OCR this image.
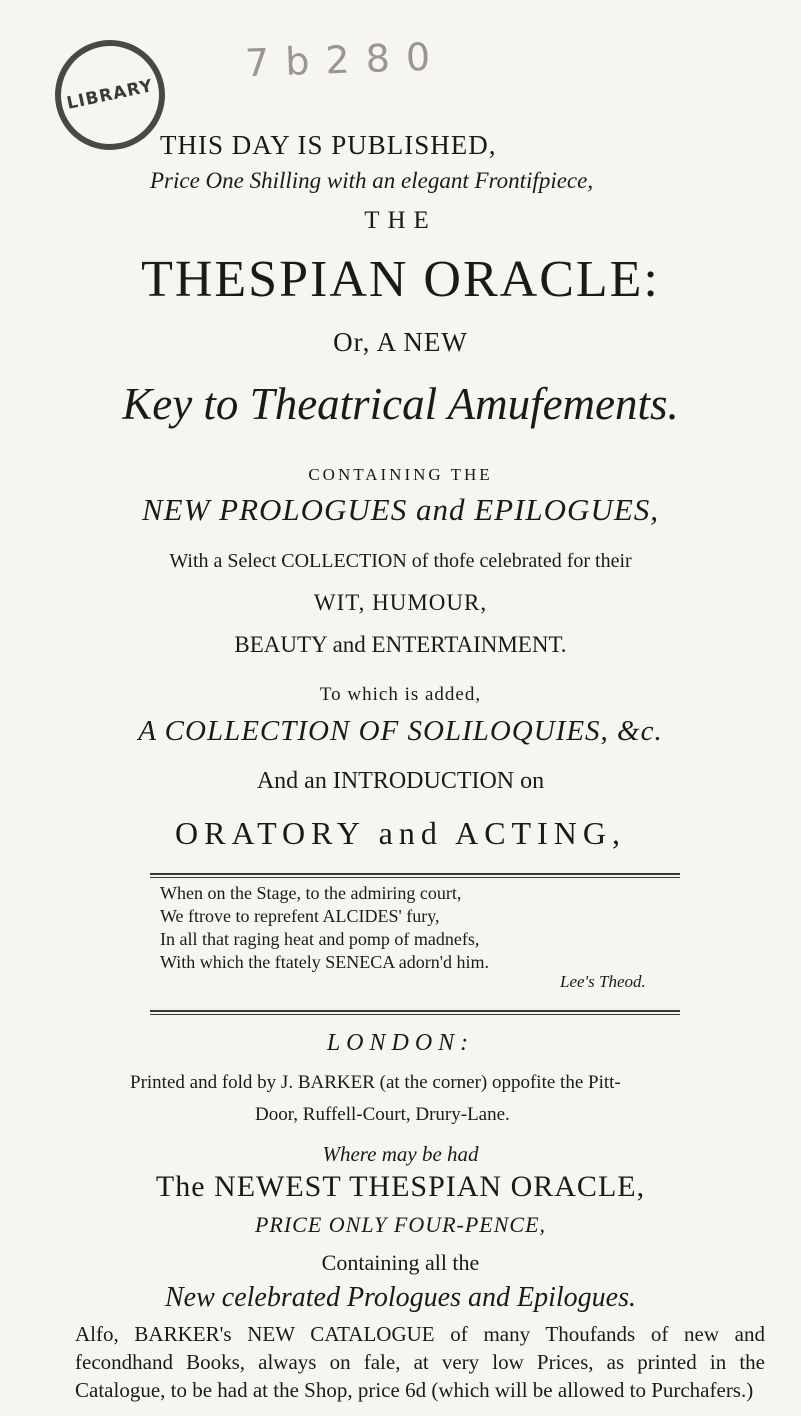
LIBRARY
7 b 2 8 0
THIS DAY IS PUBLISHED,
Price One Shilling with an elegant Frontifpiece,
THE
THESPIAN ORACLE:
Or, A NEW
Key to Theatrical Amufements.
CONTAINING THE
NEW PROLOGUES and EPILOGUES,
With a Select COLLECTION of thofe celebrated for their
WIT, HUMOUR,
BEAUTY and ENTERTAINMENT.
To which is added,
A COLLECTION OF SOLILOQUIES, &c.
And an INTRODUCTION on
ORATORY and ACTING,
When on the Stage, to the admiring court,
We ftrove to reprefent ALCIDES' fury,
In all that raging heat and pomp of madnefs,
With which the ftately SENECA adorn'd him.
Lee's Theod.
LONDON:
Printed and fold by J. BARKER (at the corner) oppofite the Pitt-
Door, Ruffell-Court, Drury-Lane.
Where may be had
The NEWEST THESPIAN ORACLE,
PRICE ONLY FOUR-PENCE,
Containing all the
New celebrated Prologues and Epilogues.
Alfo, BARKER's NEW CATALOGUE of many Thoufands of new and fecondhand Books, always on fale, at very low Prices, as printed in the Catalogue, to be had at the Shop, price 6d (which will be allowed to Purchafers.)
